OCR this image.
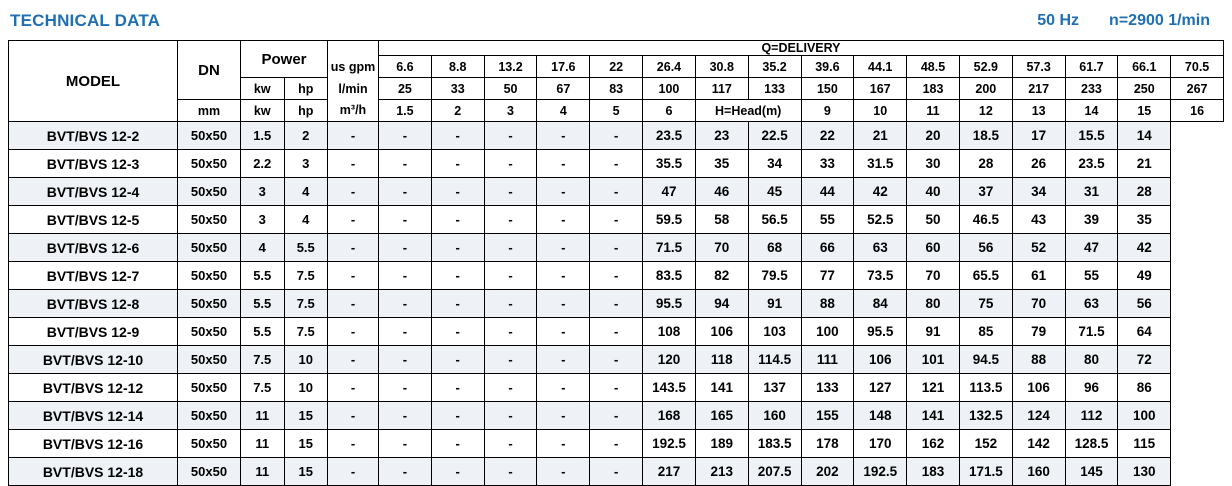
TECHNICAL DATA	50 Hz n=2900 1/min
MODEL	DN	Power			Q=DELIVERY															
				us gpm	6.6	8.8	13.2	17.6	22	26.4	30.8	35.2	39.6	44.1	48.5	52.9	57.3	61.7	66.1	70.5
		kw	hp	l/min	25	33	50	67	83	100	117	133	150	167	183	200	217	233	250	267
	mm	kw	hp	m³/h	1.5	2	3	4	5	6	H=Head(m)		9	10	11	12	13	14	15	16
BVT/BVS 12-2	50x50	1.5	2	-	-	-	-	-	-	23.5	23	22.5	22	21	20	18.5	17	15.5	14	
BVT/BVS 12-3	50x50	2.2	3	-	-	-	-	-	-	35.5	35	34	33	31.5	30	28	26	23.5	21	
BVT/BVS 12-4	50x50	3	4	-	-	-	-	-	-	47	46	45	44	42	40	37	34	31	28	
BVT/BVS 12-5	50x50	3	4	-	-	-	-	-	-	59.5	58	56.5	55	52.5	50	46.5	43	39	35	
BVT/BVS 12-6	50x50	4	5.5	-	-	-	-	-	-	71.5	70	68	66	63	60	56	52	47	42	
BVT/BVS 12-7	50x50	5.5	7.5	-	-	-	-	-	-	83.5	82	79.5	77	73.5	70	65.5	61	55	49	
BVT/BVS 12-8	50x50	5.5	7.5	-	-	-	-	-	-	95.5	94	91	88	84	80	75	70	63	56	
BVT/BVS 12-9	50x50	5.5	7.5	-	-	-	-	-	-	108	106	103	100	95.5	91	85	79	71.5	64	
BVT/BVS 12-10	50x50	7.5	10	-	-	-	-	-	-	120	118	114.5	111	106	101	94.5	88	80	72	
BVT/BVS 12-12	50x50	7.5	10	-	-	-	-	-	-	143.5	141	137	133	127	121	113.5	106	96	86	
BVT/BVS 12-14	50x50	11	15	-	-	-	-	-	-	168	165	160	155	148	141	132.5	124	112	100	
BVT/BVS 12-16	50x50	11	15	-	-	-	-	-	-	192.5	189	183.5	178	170	162	152	142	128.5	115	
BVT/BVS 12-18	50x50	11	15	-	-	-	-	-	-	217	213	207.5	202	192.5	183	171.5	160	145	130	
